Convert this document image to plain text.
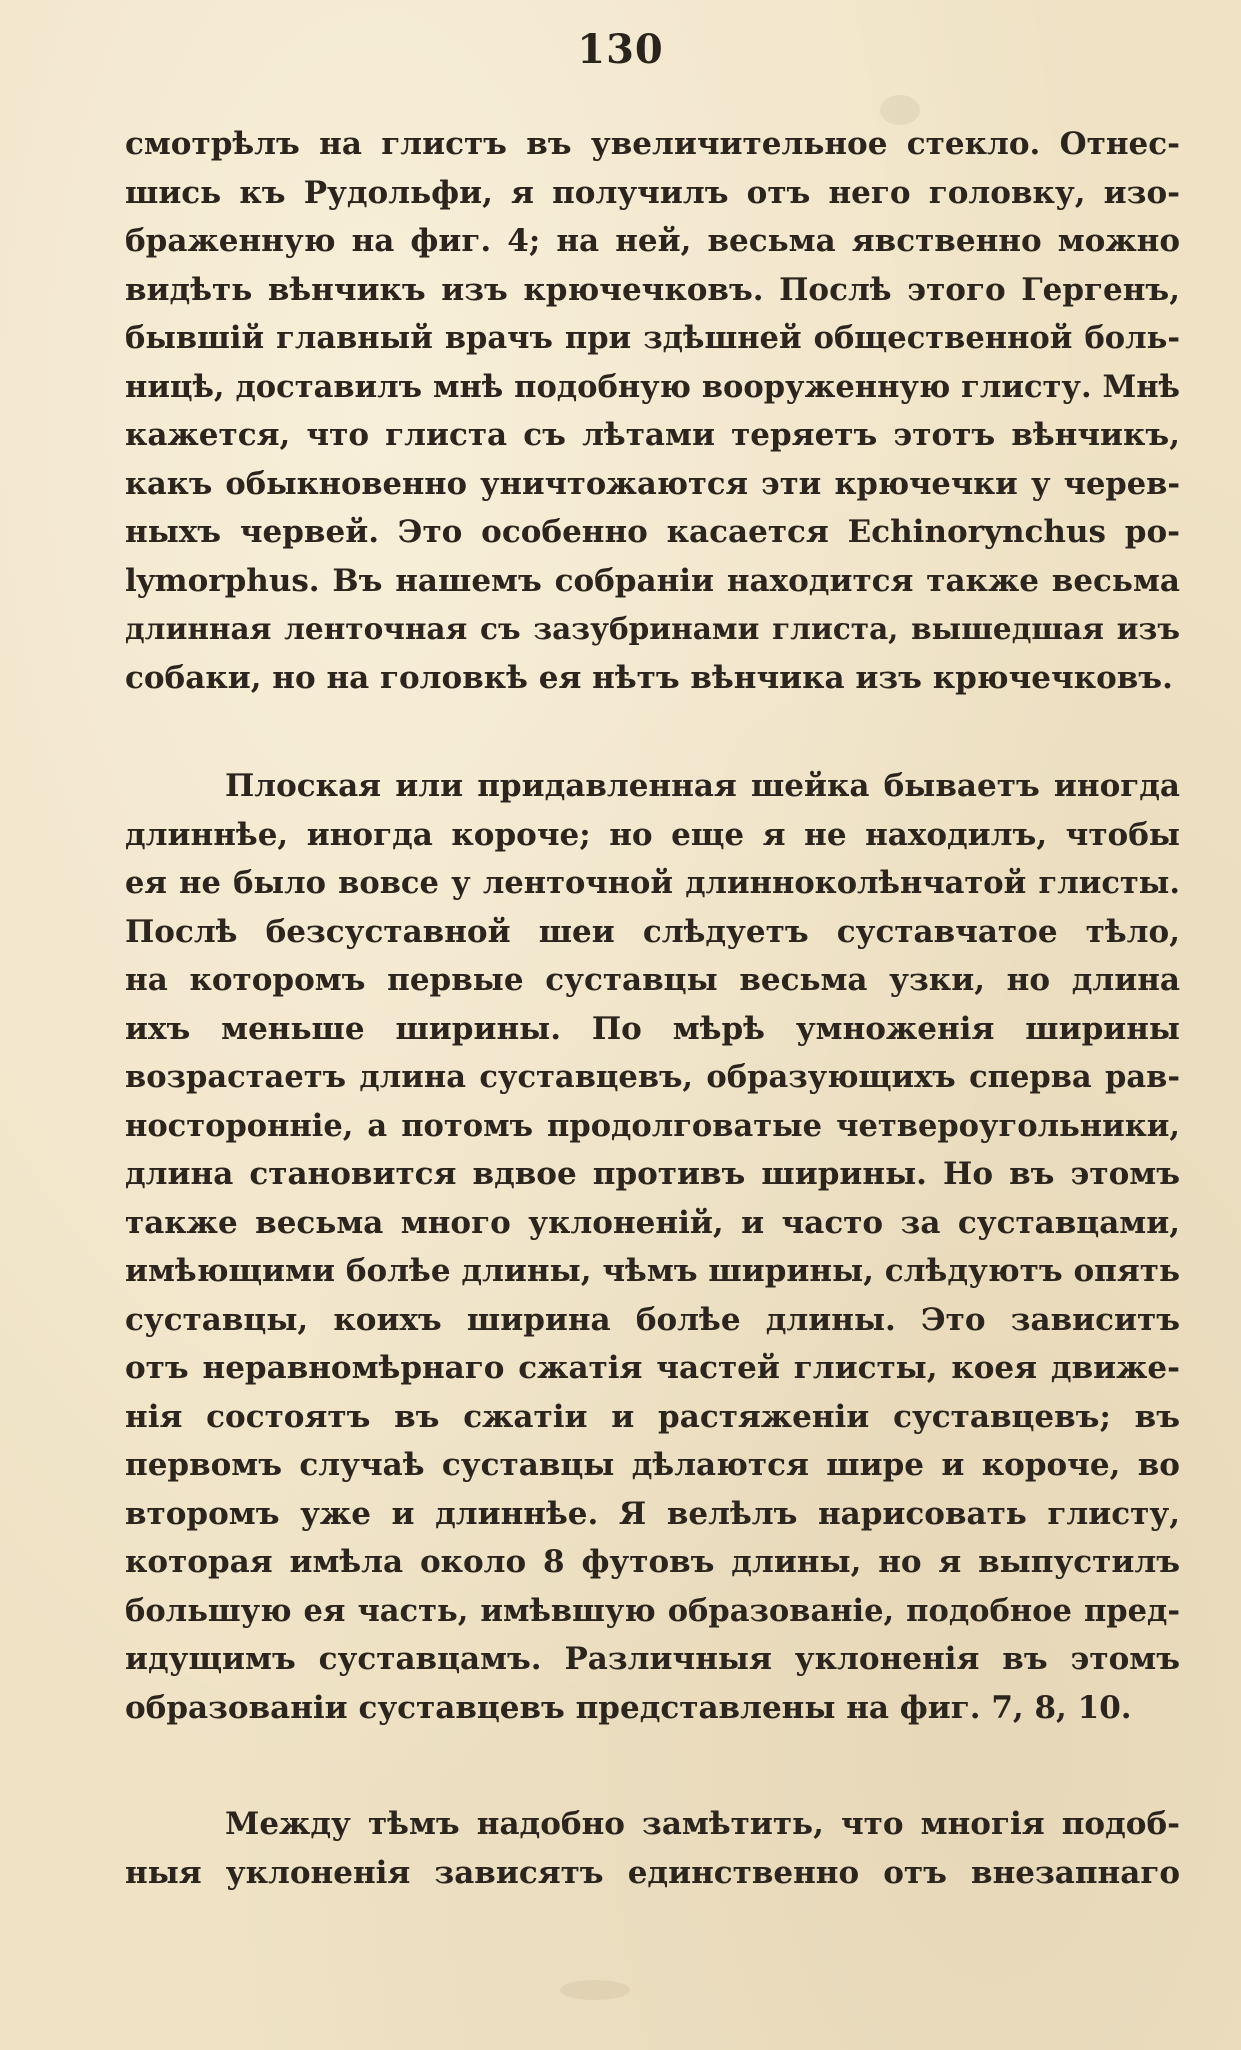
130
смотрѣлъ на глистъ въ увеличительное стекло. Отнес-
шись къ Рудольфи, я получилъ отъ него головку, изо-
браженную на фиг. 4; на ней, весьма явственно можно
видѣть вѣнчикъ изъ крючечковъ. Послѣ этого Гергенъ,
бывшій главный врачъ при здѣшней общественной боль-
ницѣ, доставилъ мнѣ подобную вооруженную глисту. Мнѣ
кажется, что глиста съ лѣтами теряетъ этотъ вѣнчикъ,
какъ обыкновенно уничтожаются эти крючечки у черев-
ныхъ червей. Это особенно касается Echinorynchus po-
lymorphus. Въ нашемъ собраніи находится также весьма
длинная ленточная съ зазубринами глиста, вышедшая изъ
собаки, но на головкѣ ея нѣтъ вѣнчика изъ крючечковъ.
Плоская или придавленная шейка бываетъ иногда
длиннѣе, иногда короче; но еще я не находилъ, чтобы
ея не было вовсе у ленточной длинноколѣнчатой глисты.
Послѣ безсуставной шеи слѣдуетъ суставчатое тѣло,
на которомъ первые суставцы весьма узки, но длина
ихъ меньше ширины. По мѣрѣ умноженія ширины
возрастаетъ длина суставцевъ, образующихъ сперва рав-
носторонніе, а потомъ продолговатые четвероугольники,
длина становится вдвое противъ ширины. Но въ этомъ
также весьма много уклоненій, и часто за суставцами,
имѣющими болѣе длины, чѣмъ ширины, слѣдуютъ опять
суставцы, коихъ ширина болѣе длины. Это зависитъ
отъ неравномѣрнаго сжатія частей глисты, коея движе-
нія состоятъ въ сжатіи и растяженіи суставцевъ; въ
первомъ случаѣ суставцы дѣлаются шире и короче, во
второмъ уже и длиннѣе. Я велѣлъ нарисовать глисту,
которая имѣла около 8 футовъ длины, но я выпустилъ
большую ея часть, имѣвшую образованіе, подобное пред-
идущимъ суставцамъ. Различныя уклоненія въ этомъ
образованіи суставцевъ представлены на фиг. 7, 8, 10.
Между тѣмъ надобно замѣтить, что многія подоб-
ныя уклоненія зависятъ единственно отъ внезапнаго
